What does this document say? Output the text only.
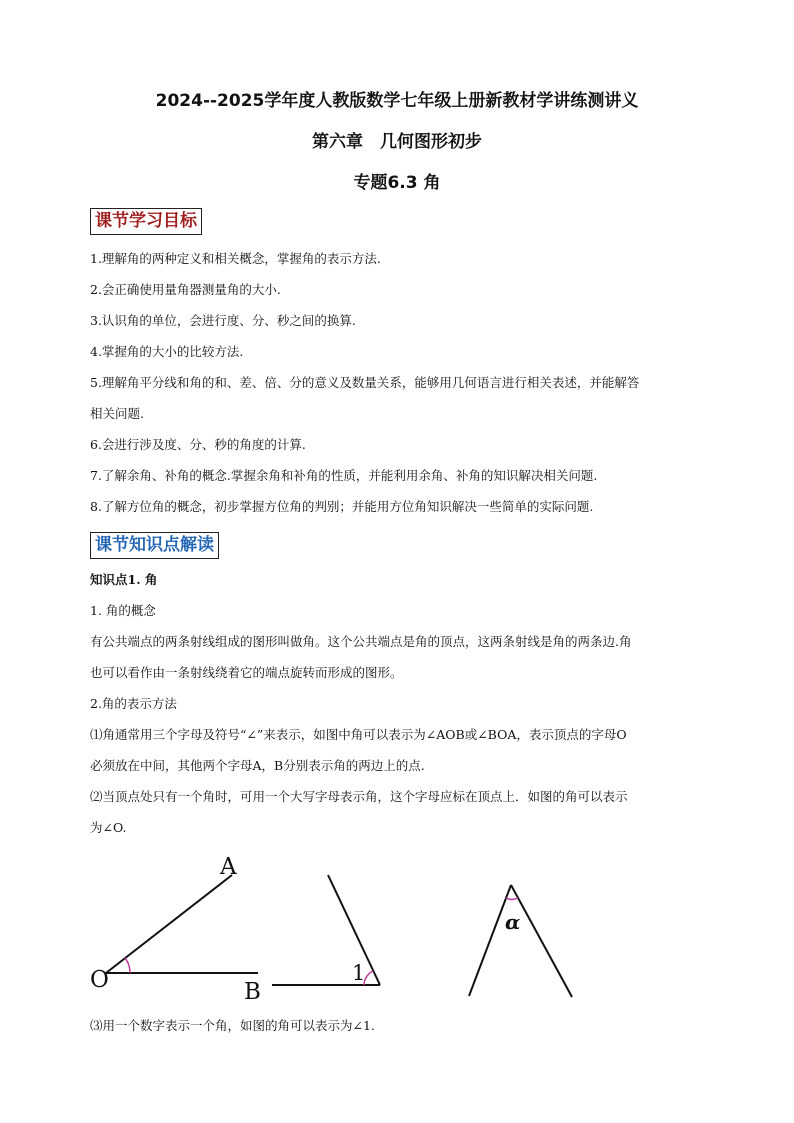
2024--2025学年度人教版数学七年级上册新教材学讲练测讲义
第六章　几何图形初步
专题6.3 角
课节学习目标
1.理解角的两种定义和相关概念，掌握角的表示方法.
2.会正确使用量角器测量角的大小.
3.认识角的单位，会进行度、分、秒之间的换算.
4.掌握角的大小的比较方法.
5.理解角平分线和角的和、差、倍、分的意义及数量关系，能够用几何语言进行相关表述，并能解答
相关问题.
6.会进行涉及度、分、秒的角度的计算.
7.了解余角、补角的概念.掌握余角和补角的性质，并能利用余角、补角的知识解决相关问题.
8.了解方位角的概念，初步掌握方位角的判别；并能用方位角知识解决一些简单的实际问题.
课节知识点解读
知识点1. 角
1. 角的概念
有公共端点的两条射线组成的图形叫做角。这个公共端点是角的顶点，这两条射线是角的两条边.角
也可以看作由一条射线绕着它的端点旋转而形成的图形。
2.角的表示方法
⑴角通常用三个字母及符号“∠”来表示，如图中角可以表示为∠AOB或∠BOA，表示顶点的字母O
必须放在中间，其他两个字母A，B分别表示角的两边上的点.
⑵当顶点处只有一个角时，可用一个大写字母表示角，这个字母应标在顶点上．如图的角可以表示
为∠O.
A
O	B
1
α
⑶用一个数字表示一个角，如图的角可以表示为∠1.
